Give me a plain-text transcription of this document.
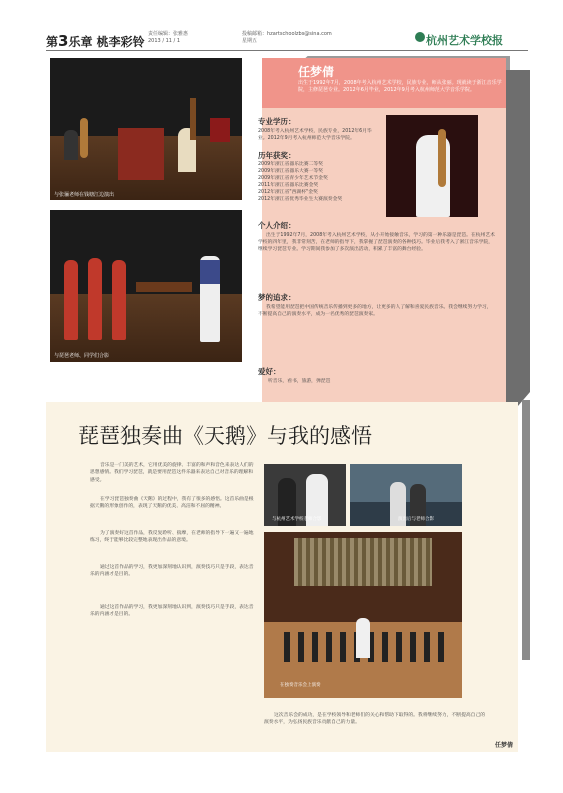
第3乐章 桃李彩铃
责任编辑：张雅惠
2013 / 11 / 1
投稿邮箱：hzartschoolzbs@sina.com
星期五	杭州艺术学校报
与张骊老师在钱塘江边演出
与琵琶老师、同学们合影
任梦倩
出生于1992年7月，2008年考入杭州艺术学校，民族专业，师从张丽。现就读于浙江音乐学院，主修琵琶专业。2012年6月毕业，2012年9月考入杭州师范大学音乐学院。
专业学历：
2008年考入杭州艺术学校，民族专业，2012年6月毕业。2012年9月考入杭州师范大学音乐学院。
历年获奖：
2009年浙江省器乐比赛二等奖
2009年浙江省器乐大赛一等奖
2009年浙江省青少年艺术节金奖
2011年浙江省器乐比赛金奖
2012年浙江省"西湖杯"金奖
2012年浙江省优秀毕业生大赛演奏金奖
个人介绍：
出生于1992年7月，2008年考入杭州艺术学校，从小开始接触音乐，学习的第一种乐器是琵琶。在杭州艺术学校的四年里，我非常刻苦，在老师的指导下，我掌握了琵琶演奏的各种技巧。毕业后我考入了浙江音乐学院，继续学习琵琶专业。学习期间我参加了多次演出活动，积累了丰富的舞台经验。
梦的追求：
我希望能用琵琶把中国传统音乐传播到更多的地方，让更多的人了解和喜爱民族音乐。我会继续努力学习，不断提高自己的演奏水平，成为一名优秀的琵琶演奏家。
爱好：
听音乐，看书，旅游，弹琵琶
琵琶独奏曲《天鹅》与我的感悟
音乐是一门美的艺术，它用优美的旋律、丰富的和声和音色来表达人们的思想感情。我们学习琵琶，就是要用琵琶这件乐器来表达自己对音乐的理解和感受。
在学习琵琶独奏曲《天鹅》的过程中，我有了很多的感悟。这首乐曲是根据天鹅的形象创作的，表现了天鹅的优美、高洁和不屈的精神。
为了演奏好这首作品，我反复聆听、揣摩，在老师的指导下一遍又一遍地练习，终于能够比较完整地表现出作品的意境。
通过这首作品的学习，我更加深刻地认识到，演奏技巧只是手段，表达音乐的内涵才是目的。
与杭州艺术学校老师合影	演出后与老师合影
在独奏音乐会上演奏
通过这首作品的学习，我更加深刻地认识到，演奏技巧只是手段，表达音乐的内涵才是目的。
这次音乐会的成功，是在学校领导和老师们的关心和帮助下取得的。我将继续努力，不断提高自己的演奏水平，为弘扬民族音乐贡献自己的力量。
任梦倩
